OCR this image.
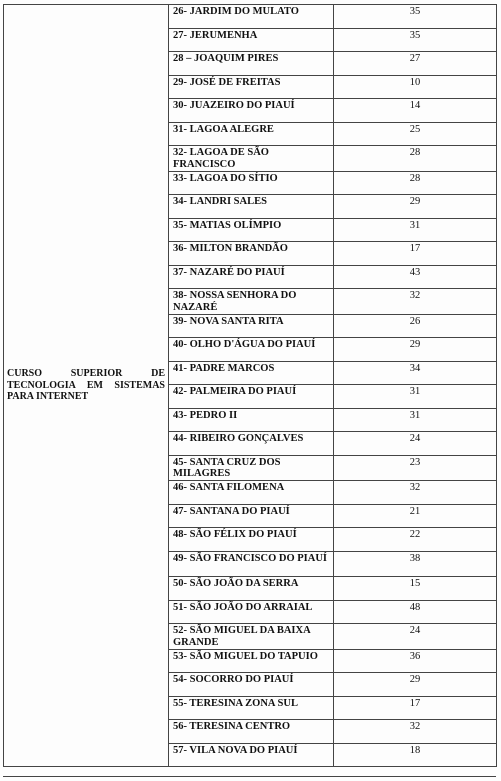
CURSO SUPERIOR DE TECNOLOGIA EM SISTEMAS PARA INTERNET	26- JARDIM DO MULATO	35
	27- JERUMENHA	35
	28 – JOAQUIM PIRES	27
	29- JOSÉ DE FREITAS	10
	30- JUAZEIRO DO PIAUÍ	14
	31- LAGOA ALEGRE	25
	32- LAGOA DE SÃO FRANCISCO	28
	33- LAGOA DO SÍTIO	28
	34- LANDRI SALES	29
	35- MATIAS OLÍMPIO	31
	36- MILTON BRANDÃO	17
	37- NAZARÉ DO PIAUÍ	43
	38- NOSSA SENHORA DO NAZARÉ	32
	39- NOVA SANTA RITA	26
	40- OLHO D'ÁGUA DO PIAUÍ	29
	41- PADRE MARCOS	34
	42- PALMEIRA DO PIAUÍ	31
	43- PEDRO II	31
	44- RIBEIRO GONÇALVES	24
	45- SANTA CRUZ DOS MILAGRES	23
	46- SANTA FILOMENA	32
	47- SANTANA DO PIAUÍ	21
	48- SÃO FÉLIX DO PIAUÍ	22
	49- SÃO FRANCISCO DO PIAUÍ	38
	50- SÃO JOÃO DA SERRA	15
	51- SÃO JOÃO DO ARRAIAL	48
	52- SÃO MIGUEL DA BAIXA GRANDE	24
	53- SÃO MIGUEL DO TAPUIO	36
	54- SOCORRO DO PIAUÍ	29
	55- TERESINA ZONA SUL	17
	56- TERESINA CENTRO	32
	57- VILA NOVA DO PIAUÍ	18
